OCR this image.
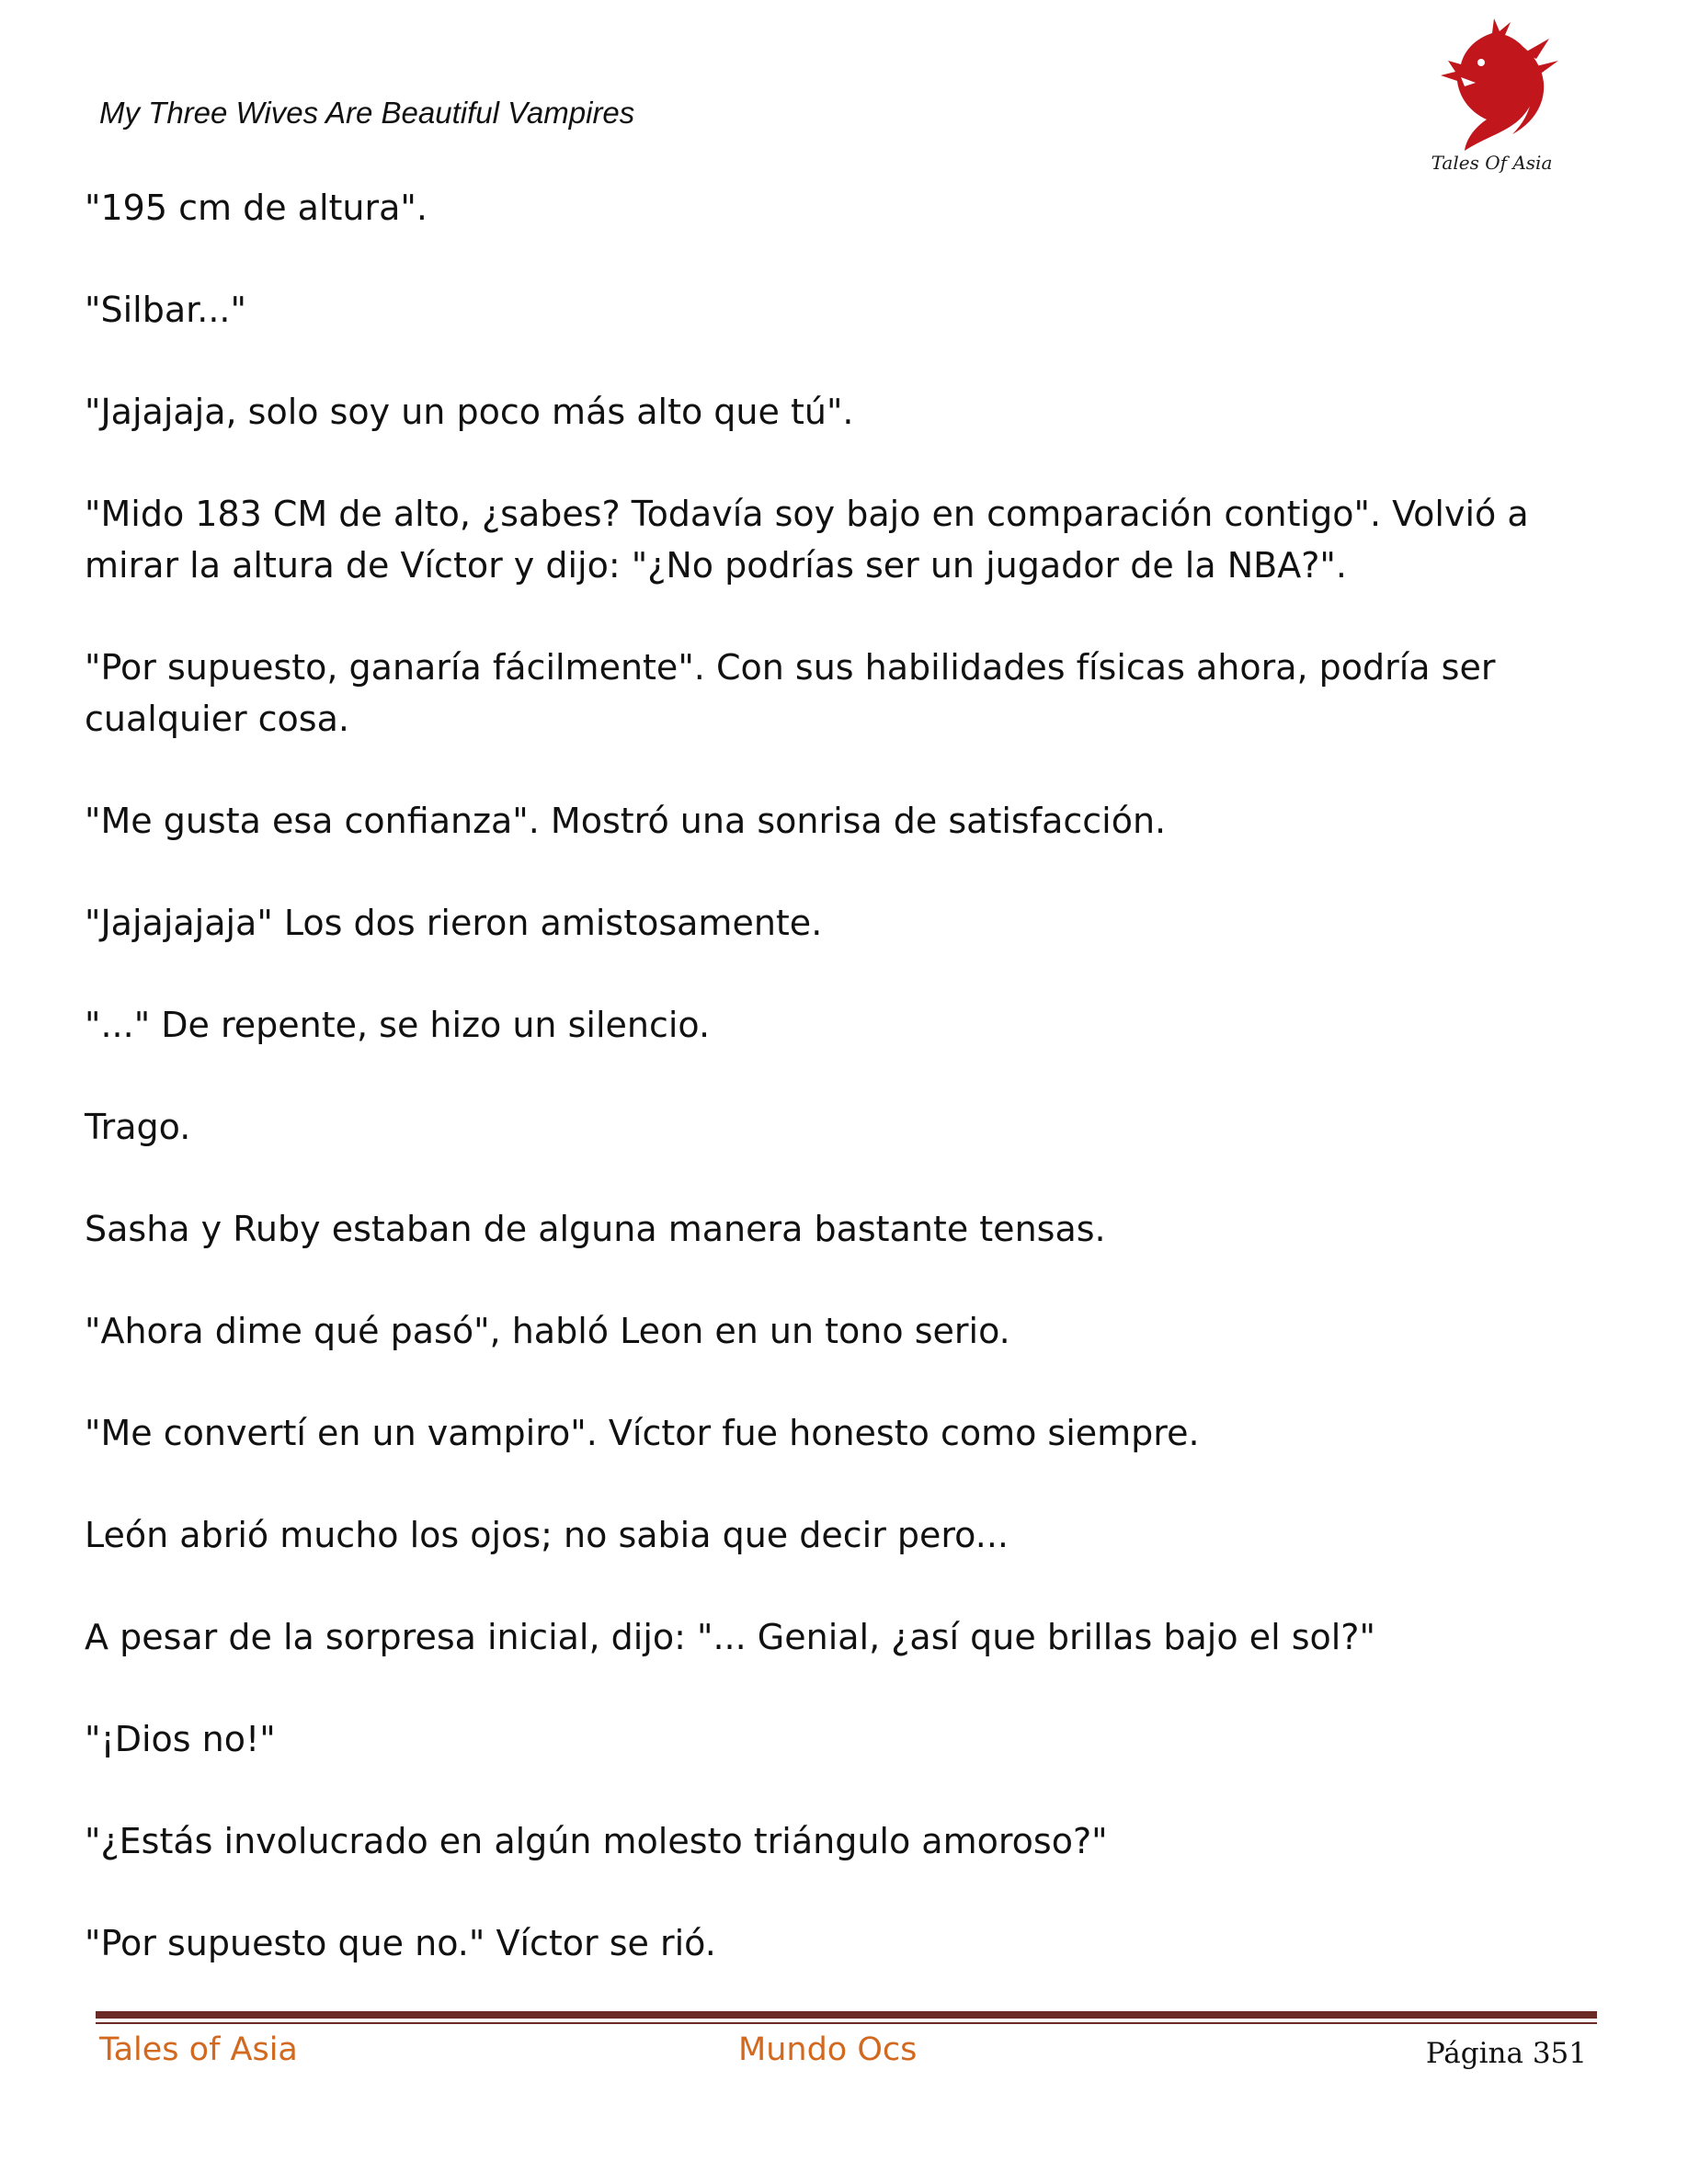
My Three Wives Are Beautiful Vampires
Tales Of Asia

"195 cm de altura".

"Silbar..."

"Jajajaja, solo soy un poco más alto que tú".

"Mido 183 CM de alto, ¿sabes? Todavía soy bajo en comparación contigo". Volvió a mirar la altura de Víctor y dijo: "¿No podrías ser un jugador de la NBA?".

"Por supuesto, ganaría fácilmente". Con sus habilidades físicas ahora, podría ser cualquier cosa.

"Me gusta esa confianza". Mostró una sonrisa de satisfacción.

"Jajajajaja" Los dos rieron amistosamente.

"..." De repente, se hizo un silencio.

Trago.

Sasha y Ruby estaban de alguna manera bastante tensas.

"Ahora dime qué pasó", habló Leon en un tono serio.

"Me convertí en un vampiro". Víctor fue honesto como siempre.

León abrió mucho los ojos; no sabia que decir pero...

A pesar de la sorpresa inicial, dijo: "... Genial, ¿así que brillas bajo el sol?"

"¡Dios no!"

"¿Estás involucrado en algún molesto triángulo amoroso?"

"Por supuesto que no." Víctor se rió.

Tales of Asia	Mundo Ocs	Página 351
